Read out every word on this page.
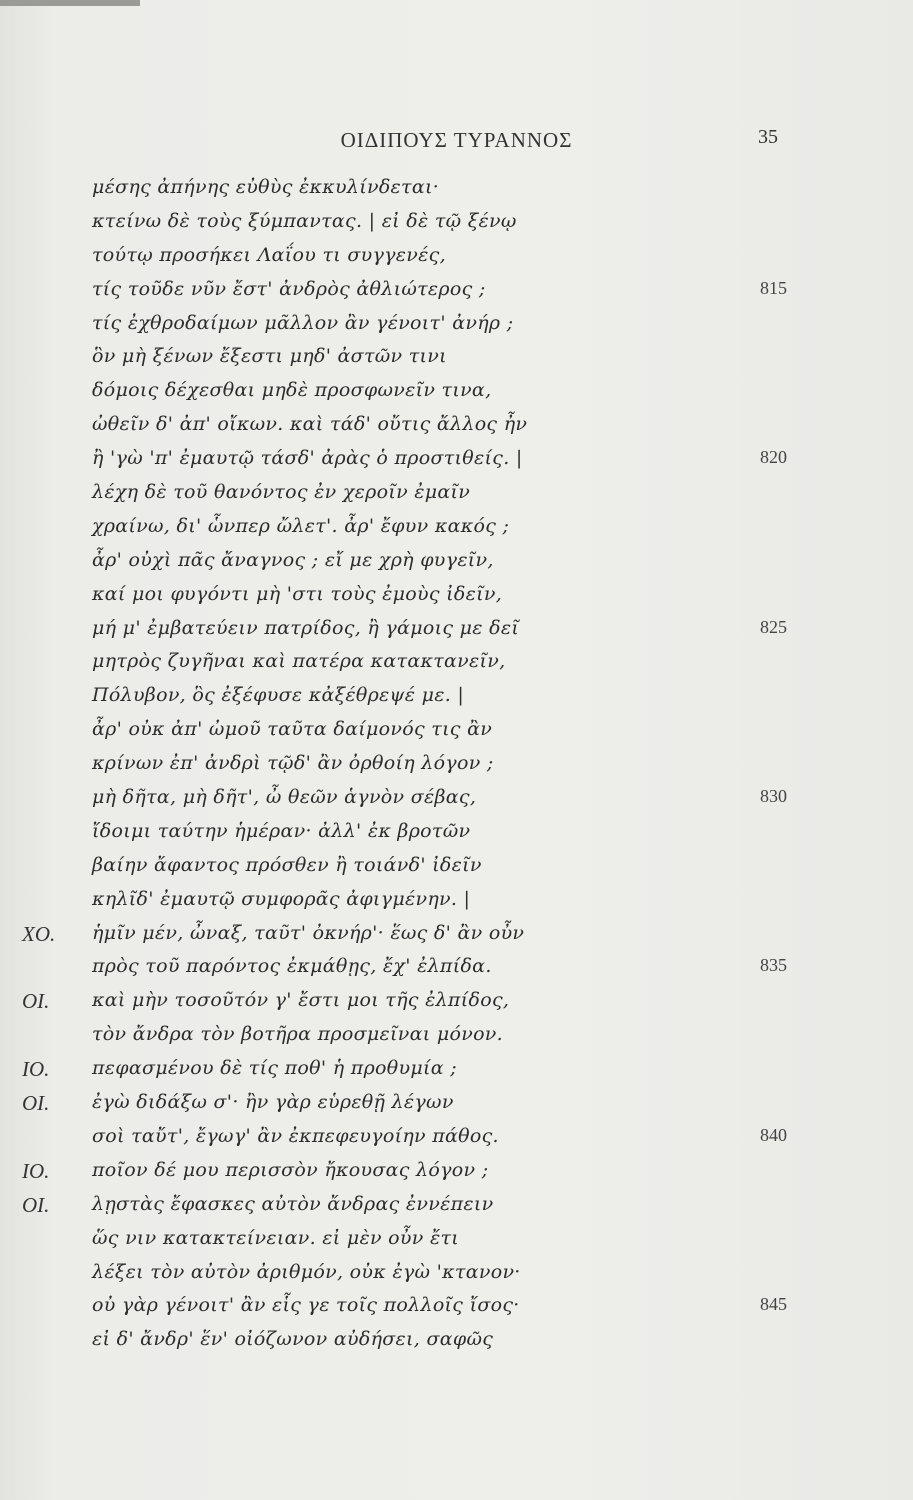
ΟΙΔΙΠΟΥΣ ΤΥΡΑΝΝΟΣ	35
μέσης ἀπήνης εὐθὺς ἐκκυλίνδεται·
κτείνω δὲ τοὺς ξύμπαντας. | εἰ δὲ τῷ ξένῳ
τούτῳ προσήκει Λαΐου τι συγγενές,
τίς τοῦδε νῦν ἔστ' ἀνδρὸς ἀθλιώτερος ;	815
τίς ἐχθροδαίμων μᾶλλον ἂν γένοιτ' ἀνήρ ;
ὃν μὴ ξένων ἔξεστι μηδ' ἀστῶν τινι
δόμοις δέχεσθαι μηδὲ προσφωνεῖν τινα,
ὠθεῖν δ' ἀπ' οἴκων. καὶ τάδ' οὔτις ἄλλος ἦν
ἢ 'γὼ 'π' ἐμαυτῷ τάσδ' ἀρὰς ὁ προστιθείς. |	820
λέχη δὲ τοῦ θανόντος ἐν χεροῖν ἐμαῖν
χραίνω, δι' ὧνπερ ὤλετ'. ἆρ' ἔφυν κακός ;
ἆρ' οὐχὶ πᾶς ἄναγνος ; εἴ με χρὴ φυγεῖν,
καί μοι φυγόντι μὴ 'στι τοὺς ἐμοὺς ἰδεῖν,
μή μ' ἐμβατεύειν πατρίδος, ἢ γάμοις με δεῖ	825
μητρὸς ζυγῆναι καὶ πατέρα κατακτανεῖν,
Πόλυβον, ὃς ἐξέφυσε κἀξέθρεψέ με. |
ἆρ' οὐκ ἀπ' ὠμοῦ ταῦτα δαίμονός τις ἂν
κρίνων ἐπ' ἀνδρὶ τῷδ' ἂν ὀρθοίη λόγον ;
μὴ δῆτα, μὴ δῆτ', ὦ θεῶν ἁγνὸν σέβας,	830
ἴδοιμι ταύτην ἡμέραν· ἀλλ' ἐκ βροτῶν
βαίην ἄφαντος πρόσθεν ἢ τοιάνδ' ἰδεῖν
κηλῖδ' ἐμαυτῷ συμφορᾶς ἀφιγμένην. |
ΧΟ. ἡμῖν μέν, ὦναξ, ταῦτ' ὀκνήρ'· ἕως δ' ἂν οὖν
πρὸς τοῦ παρόντος ἐκμάθῃς, ἔχ' ἐλπίδα.	835
ΟΙ. καὶ μὴν τοσοῦτόν γ' ἔστι μοι τῆς ἐλπίδος,
τὸν ἄνδρα τὸν βοτῆρα προσμεῖναι μόνον.
ΙΟ. πεφασμένου δὲ τίς ποθ' ἡ προθυμία ;
ΟΙ. ἐγὼ διδάξω σ'· ἢν γὰρ εὑρεθῇ λέγων
σοὶ ταὔτ', ἔγωγ' ἂν ἐκπεφευγοίην πάθος.	840
ΙΟ. ποῖον δέ μου περισσὸν ἤκουσας λόγον ;
ΟΙ. λῃστὰς ἔφασκες αὐτὸν ἄνδρας ἐννέπειν
ὥς νιν κατακτείνειαν. εἰ μὲν οὖν ἔτι
λέξει τὸν αὐτὸν ἀριθμόν, οὐκ ἐγὼ 'κτανον·
οὐ γὰρ γένοιτ' ἂν εἷς γε τοῖς πολλοῖς ἴσος·	845
εἰ δ' ἄνδρ' ἕν' οἰόζωνον αὐδήσει, σαφῶς
